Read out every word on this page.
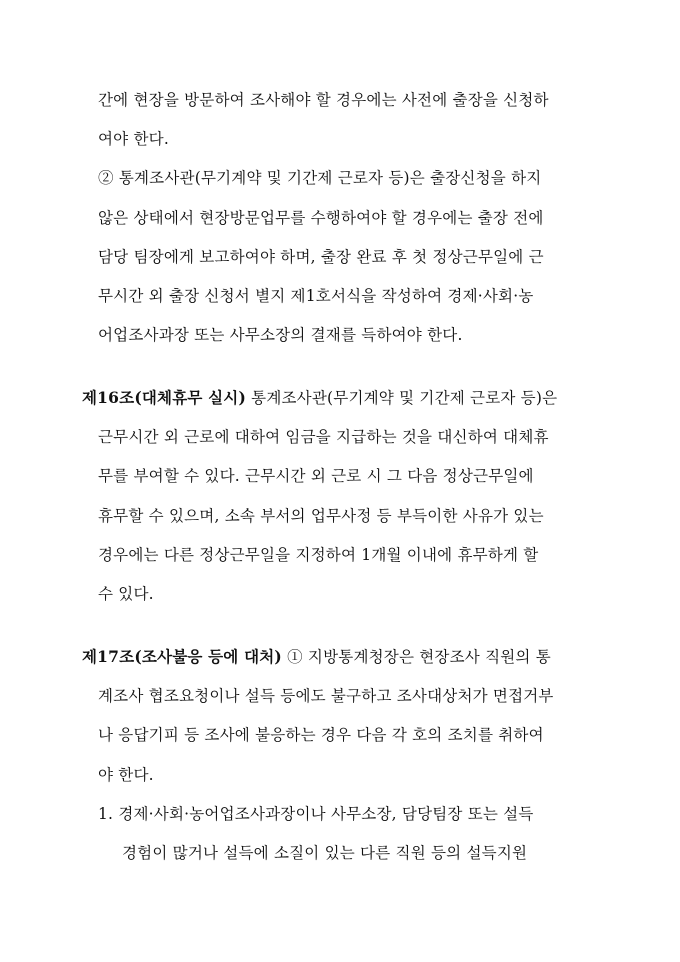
간에 현장을 방문하여 조사해야 할 경우에는 사전에 출장을 신청하
여야 한다.
② 통계조사관(무기계약 및 기간제 근로자 등)은 출장신청을 하지
않은 상태에서 현장방문업무를 수행하여야 할 경우에는 출장 전에
담당 팀장에게 보고하여야 하며, 출장 완료 후 첫 정상근무일에 근
무시간 외 출장 신청서 별지 제1호서식을 작성하여 경제·사회·농
어업조사과장 또는 사무소장의 결재를 득하여야 한다.
제16조(대체휴무 실시) 통계조사관(무기계약 및 기간제 근로자 등)은
근무시간 외 근로에 대하여 임금을 지급하는 것을 대신하여 대체휴
무를 부여할 수 있다. 근무시간 외 근로 시 그 다음 정상근무일에
휴무할 수 있으며, 소속 부서의 업무사정 등 부득이한 사유가 있는
경우에는 다른 정상근무일을 지정하여 1개월 이내에 휴무하게 할
수 있다.
제17조(조사불응 등에 대처) ① 지방통계청장은 현장조사 직원의 통
계조사 협조요청이나 설득 등에도 불구하고 조사대상처가 면접거부
나 응답기피 등 조사에 불응하는 경우 다음 각 호의 조치를 취하여
야 한다.
1. 경제·사회·농어업조사과장이나 사무소장, 담당팀장 또는 설득
경험이 많거나 설득에 소질이 있는 다른 직원 등의 설득지원
